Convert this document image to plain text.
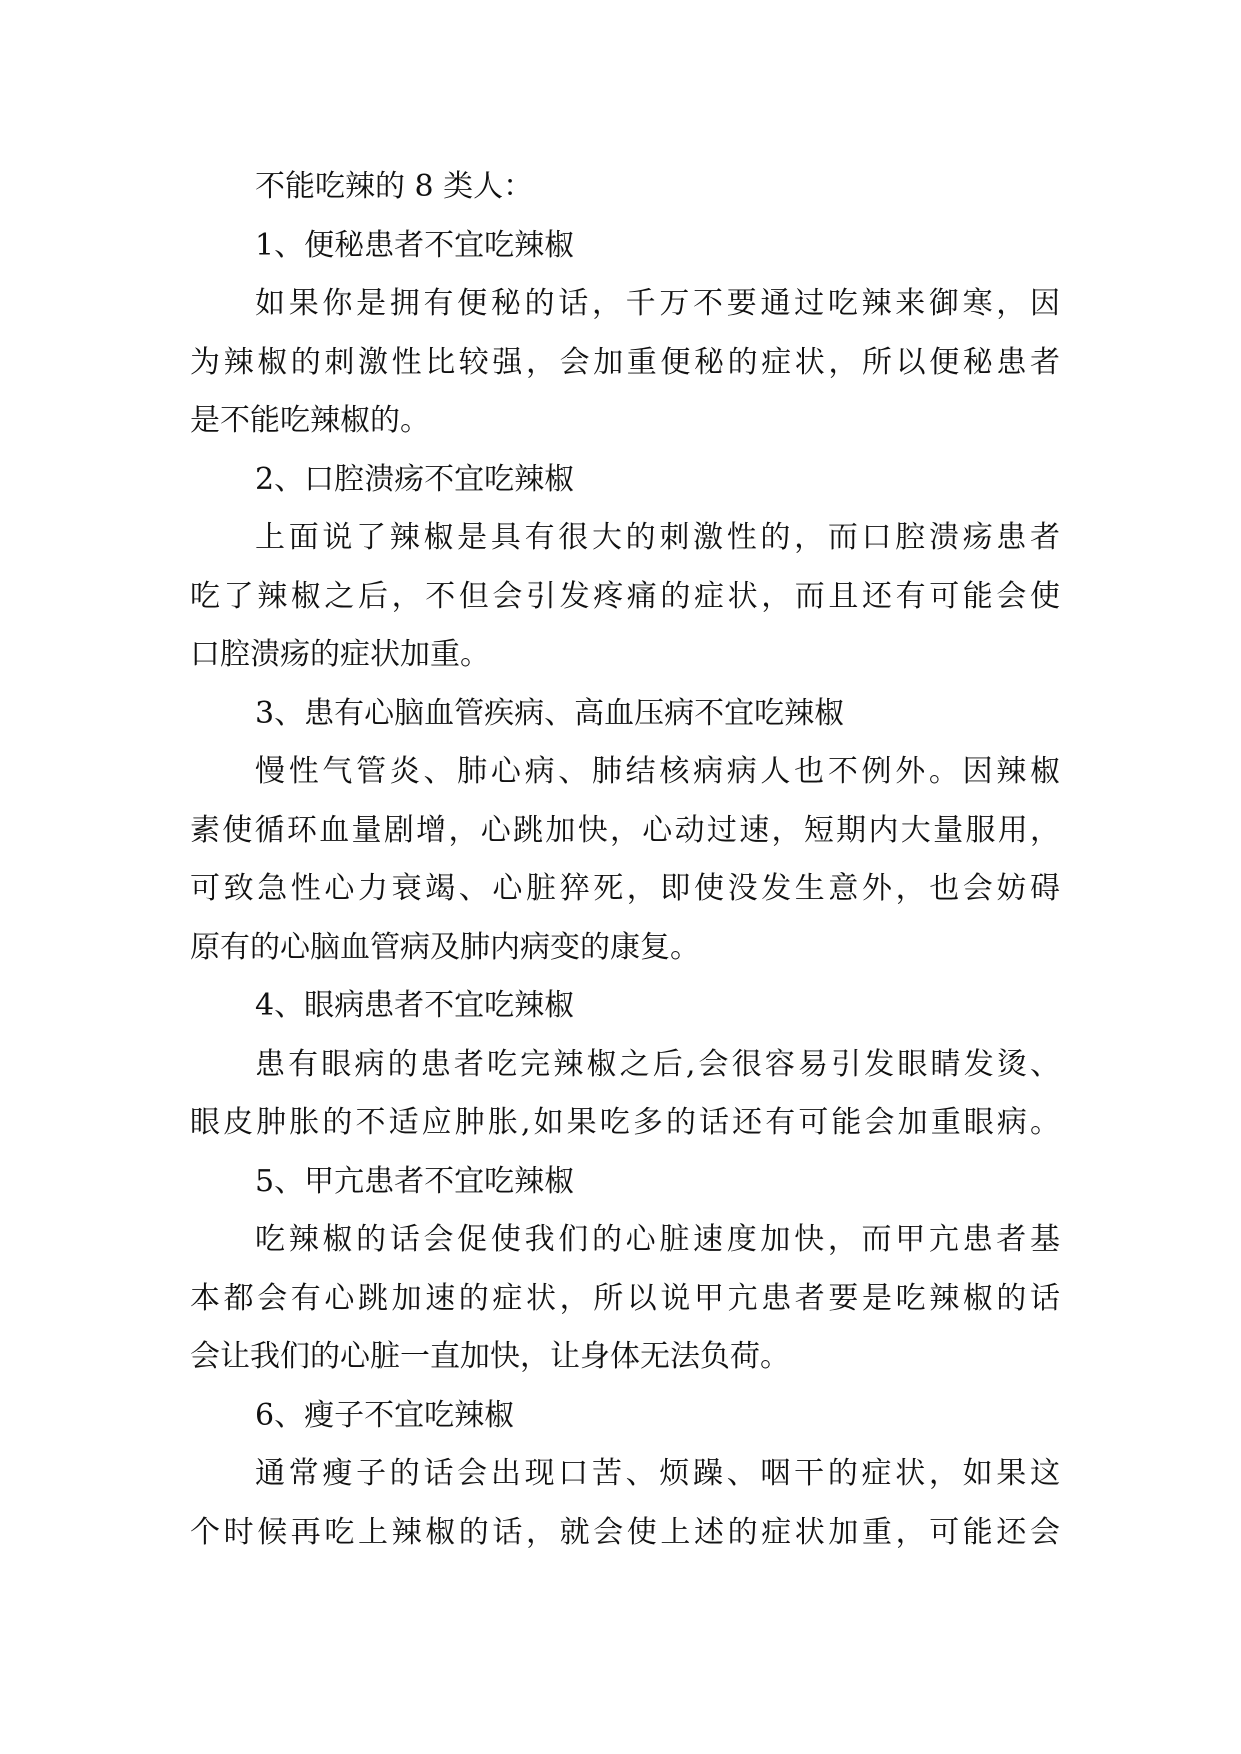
不能吃辣的 8 类人：
1、便秘患者不宜吃辣椒
如果你是拥有便秘的话，千万不要通过吃辣来御寒，因
为辣椒的刺激性比较强，会加重便秘的症状，所以便秘患者
是不能吃辣椒的。
2、口腔溃疡不宜吃辣椒
上面说了辣椒是具有很大的刺激性的，而口腔溃疡患者
吃了辣椒之后，不但会引发疼痛的症状，而且还有可能会使
口腔溃疡的症状加重。
3、患有心脑血管疾病、高血压病不宜吃辣椒
慢性气管炎、肺心病、肺结核病病人也不例外。因辣椒
素使循环血量剧增，心跳加快，心动过速，短期内大量服用，
可致急性心力衰竭、心脏猝死，即使没发生意外，也会妨碍
原有的心脑血管病及肺内病变的康复。
4、眼病患者不宜吃辣椒
患有眼病的患者吃完辣椒之后,会很容易引发眼睛发烫、
眼皮肿胀的不适应肿胀,如果吃多的话还有可能会加重眼病。
5、甲亢患者不宜吃辣椒
吃辣椒的话会促使我们的心脏速度加快，而甲亢患者基
本都会有心跳加速的症状，所以说甲亢患者要是吃辣椒的话
会让我们的心脏一直加快，让身体无法负荷。
6、瘦子不宜吃辣椒
通常瘦子的话会出现口苦、烦躁、咽干的症状，如果这
个时候再吃上辣椒的话，就会使上述的症状加重，可能还会
